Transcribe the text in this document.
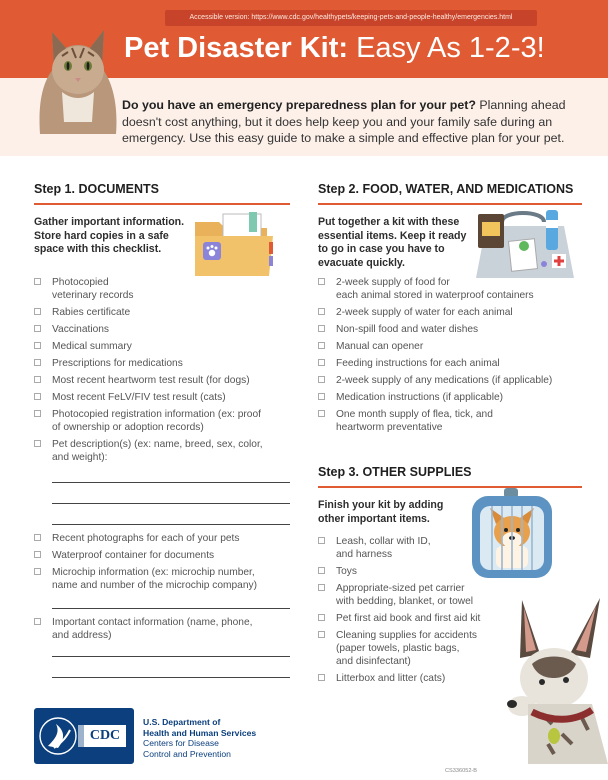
Accessible version: https://www.cdc.gov/healthypets/keeping-pets-and-people-healthy/emergencies.html
Pet Disaster Kit: Easy As 1-2-3!
Do you have an emergency preparedness plan for your pet? Planning ahead doesn't cost anything, but it does help keep you and your family safe during an emergency. Use this easy guide to make a simple and effective plan for your pet.
Step 1. DOCUMENTS
Gather important information.
Store hard copies in a safe
space with this checklist.
Photocopied
veterinary records
Rabies certificate
Vaccinations
Medical summary
Prescriptions for medications
Most recent heartworm test result (for dogs)
Most recent FeLV/FIV test result (cats)
Photocopied registration information (ex: proof
of ownership or adoption records)
Pet description(s) (ex: name, breed, sex, color,
and weight):
Recent photographs for each of your pets
Waterproof container for documents
Microchip information (ex: microchip number,
name and number of the microchip company)
Important contact information (name, phone,
and address)
Step 2. FOOD, WATER, AND MEDICATIONS
Put together a kit with these
essential items. Keep it ready
to go in case you have to
evacuate quickly.
2-week supply of food for
each animal stored in waterproof containers
2-week supply of water for each animal
Non-spill food and water dishes
Manual can opener
Feeding instructions for each animal
2-week supply of any medications (if applicable)
Medication instructions (if applicable)
One month supply of flea, tick, and
heartworm preventative
Step 3. OTHER SUPPLIES
Finish your kit by adding
other important items.
Leash, collar with ID,
and harness
Toys
Appropriate-sized pet carrier
with bedding, blanket, or towel
Pet first aid book and first aid kit
Cleaning supplies for accidents
(paper towels, plastic bags,
and disinfectant)
Litterbox and litter (cats)
CDC
U.S. Department of
Health and Human Services
Centers for Disease
Control and Prevention
CS336052-B
